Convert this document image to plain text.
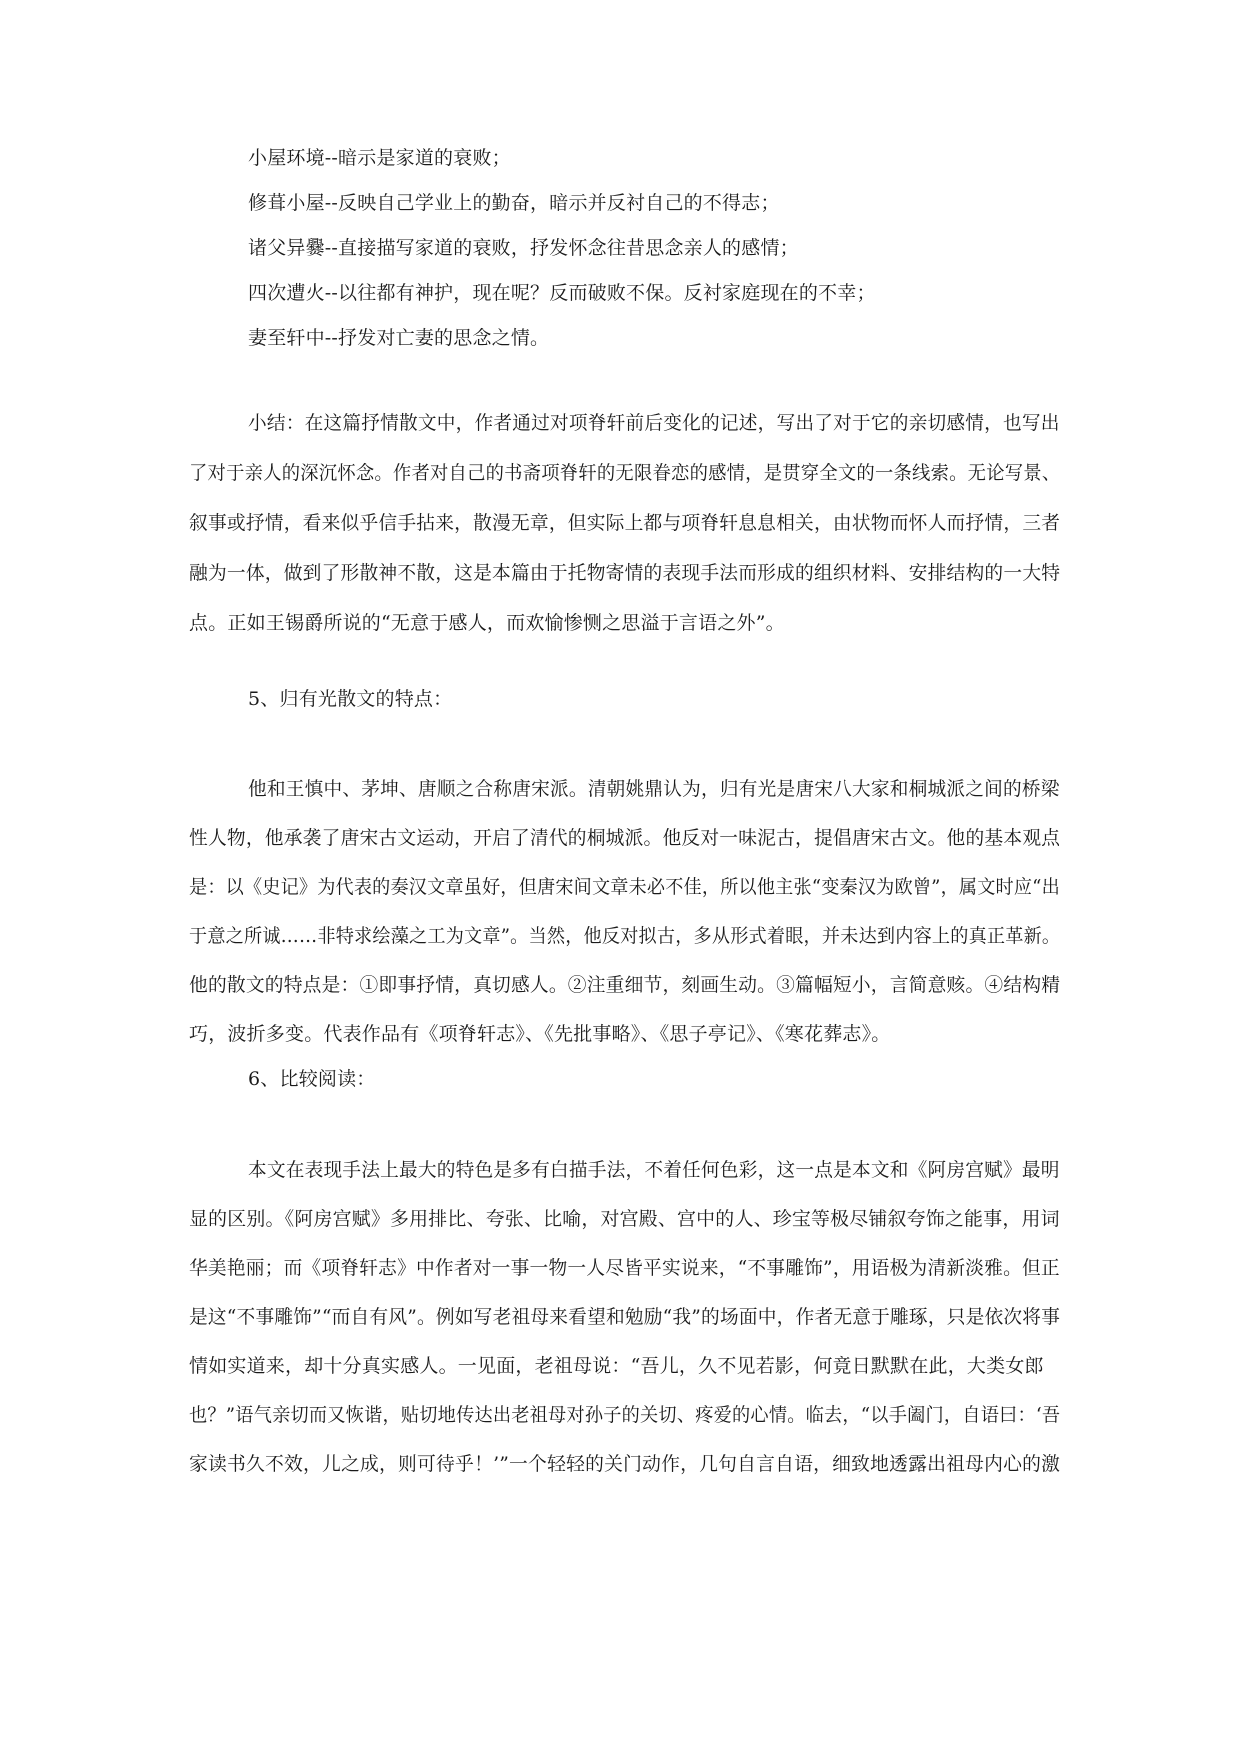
小屋环境--暗示是家道的衰败；
修葺小屋--反映自己学业上的勤奋，暗示并反衬自己的不得志；
诸父异爨--直接描写家道的衰败，抒发怀念往昔思念亲人的感情；
四次遭火--以往都有神护，现在呢？反而破败不保。反衬家庭现在的不幸；
妻至轩中--抒发对亡妻的思念之情。
小结：在这篇抒情散文中，作者通过对项脊轩前后变化的记述，写出了对于它的亲切感情，也写出
了对于亲人的深沉怀念。作者对自己的书斋项脊轩的无限眷恋的感情，是贯穿全文的一条线索。无论写景、
叙事或抒情，看来似乎信手拈来，散漫无章，但实际上都与项脊轩息息相关，由状物而怀人而抒情，三者
融为一体，做到了形散神不散，这是本篇由于托物寄情的表现手法而形成的组织材料、安排结构的一大特
点。正如王锡爵所说的“无意于感人，而欢愉惨恻之思溢于言语之外”。
5、归有光散文的特点：
他和王慎中、茅坤、唐顺之合称唐宋派。清朝姚鼎认为，归有光是唐宋八大家和桐城派之间的桥梁
性人物，他承袭了唐宋古文运动，开启了清代的桐城派。他反对一味泥古，提倡唐宋古文。他的基本观点
是：以《史记》为代表的奏汉文章虽好，但唐宋间文章未必不佳，所以他主张“变秦汉为欧曾”，属文时应“出
于意之所诚……非特求绘藻之工为文章”。当然，他反对拟古，多从形式着眼，并未达到内容上的真正革新。
他的散文的特点是：①即事抒情，真切感人。②注重细节，刻画生动。③篇幅短小，言简意赅。④结构精
巧，波折多变。代表作品有《项脊轩志》、《先批事略》、《思子亭记》、《寒花葬志》。
6、比较阅读：
本文在表现手法上最大的特色是多有白描手法，不着任何色彩，这一点是本文和《阿房宫赋》最明
显的区别。《阿房宫赋》多用排比、夸张、比喻，对宫殿、宫中的人、珍宝等极尽铺叙夸饰之能事，用词
华美艳丽；而《项脊轩志》中作者对一事一物一人尽皆平实说来，“不事雕饰”，用语极为清新淡雅。但正
是这“不事雕饰”“而自有风”。例如写老祖母来看望和勉励“我”的场面中，作者无意于雕琢，只是依次将事
情如实道来，却十分真实感人。一见面，老祖母说：“吾儿，久不见若影，何竟日默默在此，大类女郎
也？”语气亲切而又恢谐，贴切地传达出老祖母对孙子的关切、疼爱的心情。临去，“以手阖门，自语曰：‘吾
家读书久不效，儿之成，则可待乎！’”一个轻轻的关门动作，几句自言自语，细致地透露出祖母内心的激
